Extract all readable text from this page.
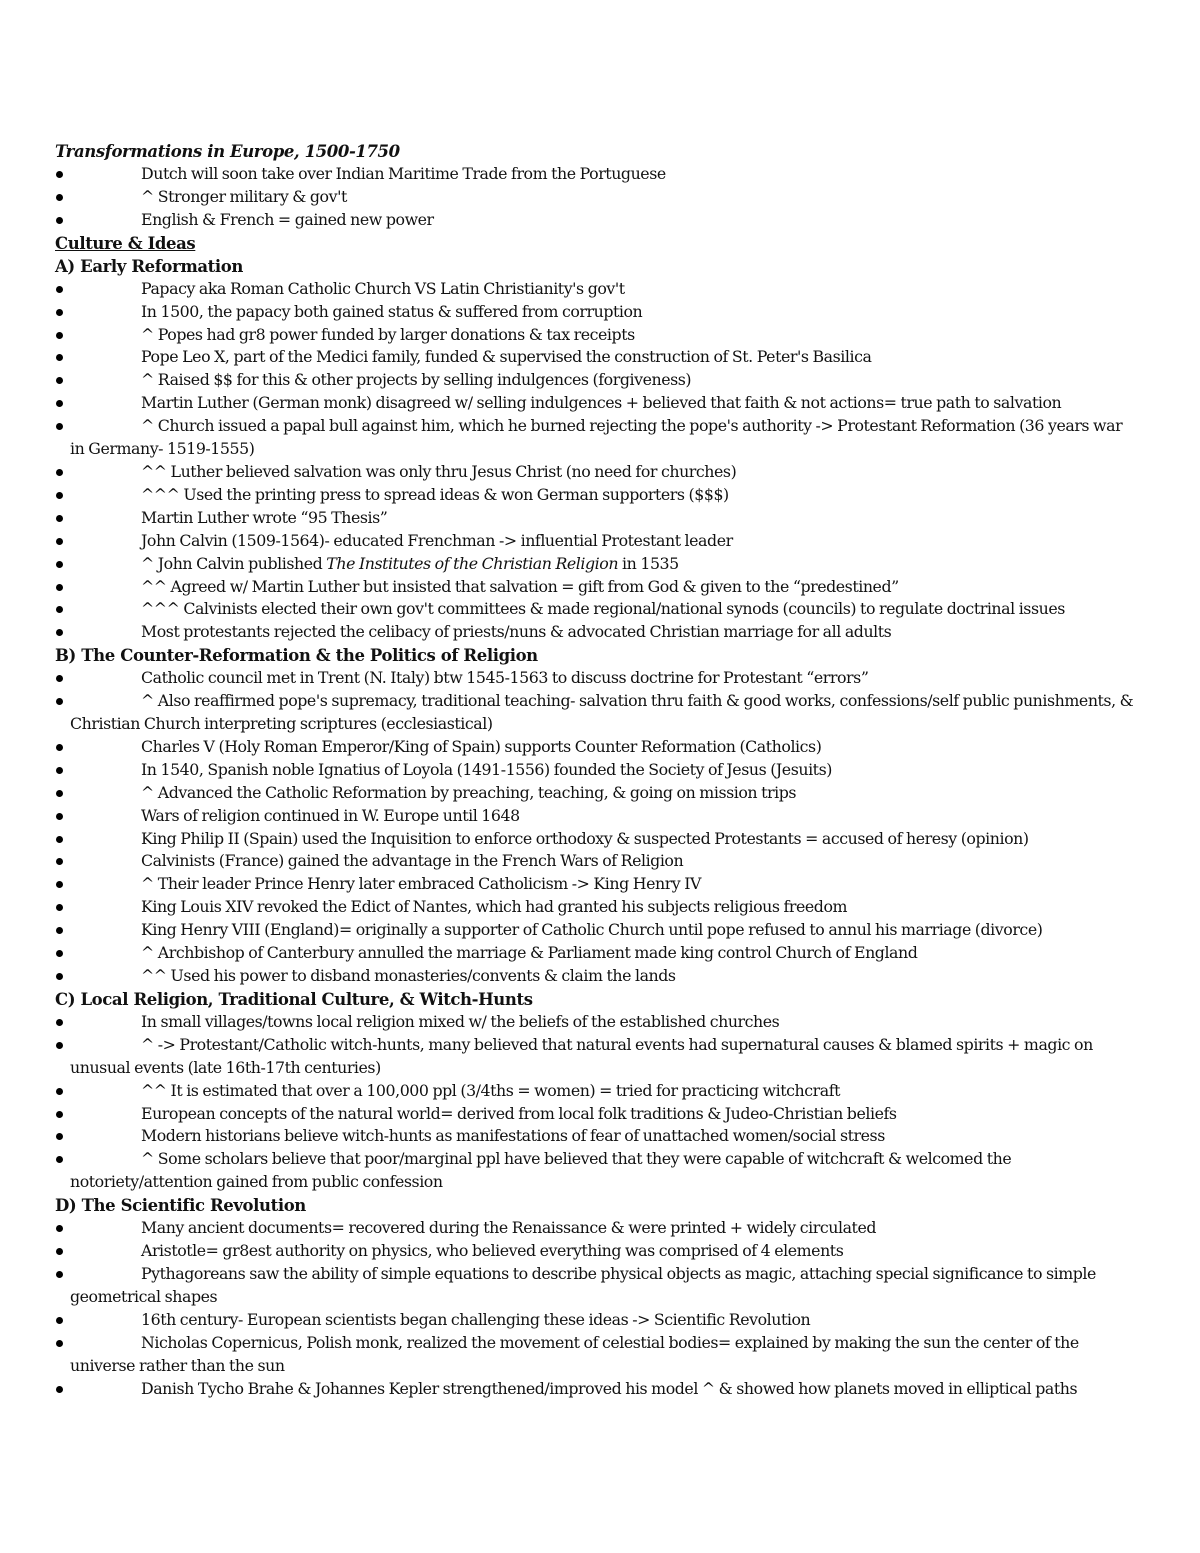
Transformations in Europe, 1500-1750
Dutch will soon take over Indian Maritime Trade from the Portuguese
^ Stronger military & gov't
English & French = gained new power
Culture & Ideas
A) Early Reformation
Papacy aka Roman Catholic Church VS Latin Christianity's gov't
In 1500, the papacy both gained status & suffered from corruption
^ Popes had gr8 power funded by larger donations & tax receipts
Pope Leo X, part of the Medici family, funded & supervised the construction of St. Peter's Basilica
^ Raised $$ for this & other projects by selling indulgences (forgiveness)
Martin Luther (German monk) disagreed w/ selling indulgences + believed that faith & not actions= true path to salvation
^ Church issued a papal bull against him, which he burned rejecting the pope's authority -> Protestant Reformation (36 years war in Germany- 1519-1555)
^^ Luther believed salvation was only thru Jesus Christ (no need for churches)
^^^ Used the printing press to spread ideas & won German supporters ($$$)
Martin Luther wrote “95 Thesis”
John Calvin (1509-1564)- educated Frenchman -> influential Protestant leader
^ John Calvin published The Institutes of the Christian Religion in 1535
^^ Agreed w/ Martin Luther but insisted that salvation = gift from God & given to the “predestined”
^^^ Calvinists elected their own gov't committees & made regional/national synods (councils) to regulate doctrinal issues
Most protestants rejected the celibacy of priests/nuns & advocated Christian marriage for all adults
B) The Counter-Reformation & the Politics of Religion
Catholic council met in Trent (N. Italy) btw 1545-1563 to discuss doctrine for Protestant “errors”
^ Also reaffirmed pope's supremacy, traditional teaching- salvation thru faith & good works, confessions/self public punishments, & Christian Church interpreting scriptures (ecclesiastical)
Charles V (Holy Roman Emperor/King of Spain) supports Counter Reformation (Catholics)
In 1540, Spanish noble Ignatius of Loyola (1491-1556) founded the Society of Jesus (Jesuits)
^ Advanced the Catholic Reformation by preaching, teaching, & going on mission trips
Wars of religion continued in W. Europe until 1648
King Philip II (Spain) used the Inquisition to enforce orthodoxy & suspected Protestants = accused of heresy (opinion)
Calvinists (France) gained the advantage in the French Wars of Religion
^ Their leader Prince Henry later embraced Catholicism -> King Henry IV
King Louis XIV revoked the Edict of Nantes, which had granted his subjects religious freedom
King Henry VIII (England)= originally a supporter of Catholic Church until pope refused to annul his marriage (divorce)
^ Archbishop of Canterbury annulled the marriage & Parliament made king control Church of England
^^ Used his power to disband monasteries/convents & claim the lands
C) Local Religion, Traditional Culture, & Witch-Hunts
In small villages/towns local religion mixed w/ the beliefs of the established churches
^ -> Protestant/Catholic witch-hunts, many believed that natural events had supernatural causes & blamed spirits + magic on unusual events (late 16th-17th centuries)
^^ It is estimated that over a 100,000 ppl (3/4ths = women) = tried for practicing witchcraft
European concepts of the natural world= derived from local folk traditions & Judeo-Christian beliefs
Modern historians believe witch-hunts as manifestations of fear of unattached women/social stress
^ Some scholars believe that poor/marginal ppl have believed that they were capable of witchcraft & welcomed the notoriety/attention gained from public confession
D) The Scientific Revolution
Many ancient documents= recovered during the Renaissance & were printed + widely circulated
Aristotle= gr8est authority on physics, who believed everything was comprised of 4 elements
Pythagoreans saw the ability of simple equations to describe physical objects as magic, attaching special significance to simple geometrical shapes
16th century- European scientists began challenging these ideas -> Scientific Revolution
Nicholas Copernicus, Polish monk, realized the movement of celestial bodies= explained by making the sun the center of the universe rather than the sun
Danish Tycho Brahe & Johannes Kepler strengthened/improved his model ^ & showed how planets moved in elliptical paths
